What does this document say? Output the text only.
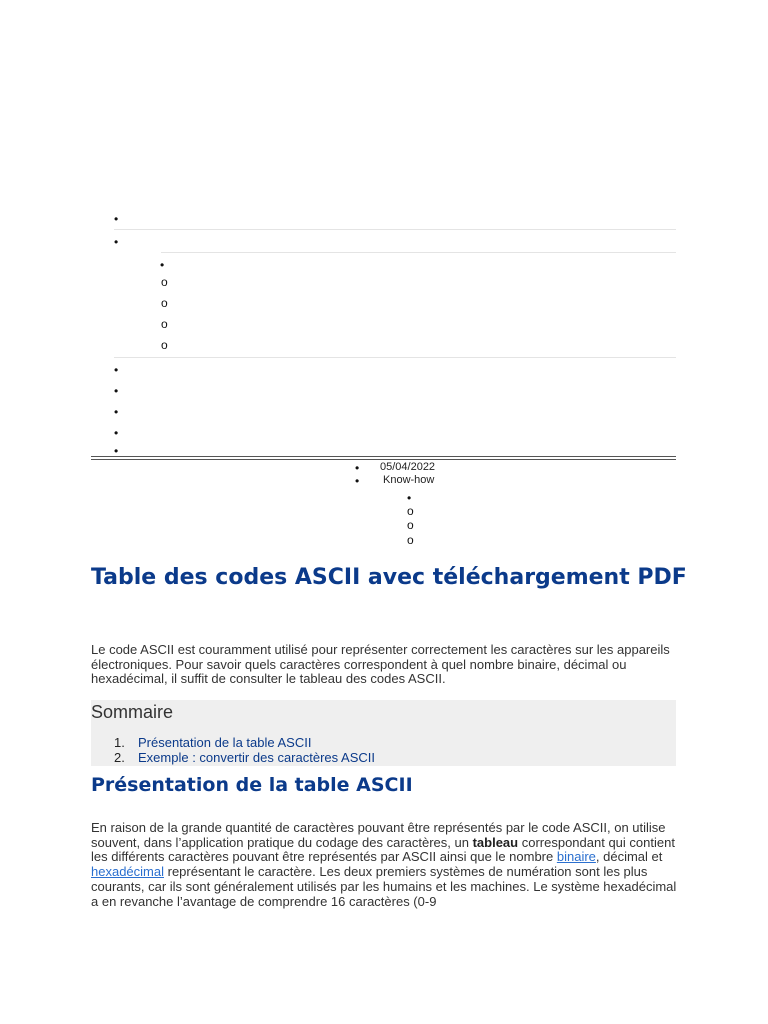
•
•
•
o
o
o
o
•
•
•
•
•
•
05/04/2022
•
Know-how
•
o
o
o
Table des codes ASCII avec téléchargement PDF

Le code ASCII est couramment utilisé pour représenter correctement les caractères sur les appareils électroniques. Pour savoir quels caractères correspondent à quel nombre binaire, décimal ou hexadécimal, il suffit de consulter le tableau des codes ASCII.

Sommaire
1. Présentation de la table ASCII
2. Exemple : convertir des caractères ASCII
Présentation de la table ASCII

En raison de la grande quantité de caractères pouvant être représentés par le code ASCII, on utilise souvent, dans l’application pratique du codage des caractères, un tableau correspondant qui contient les différents caractères pouvant être représentés par ASCII ainsi que le nombre binaire, décimal et hexadécimal représentant le caractère. Les deux premiers systèmes de numération sont les plus courants, car ils sont généralement utilisés par les humains et les machines. Le système hexadécimal a en revanche l’avantage de comprendre 16 caractères (0-9
